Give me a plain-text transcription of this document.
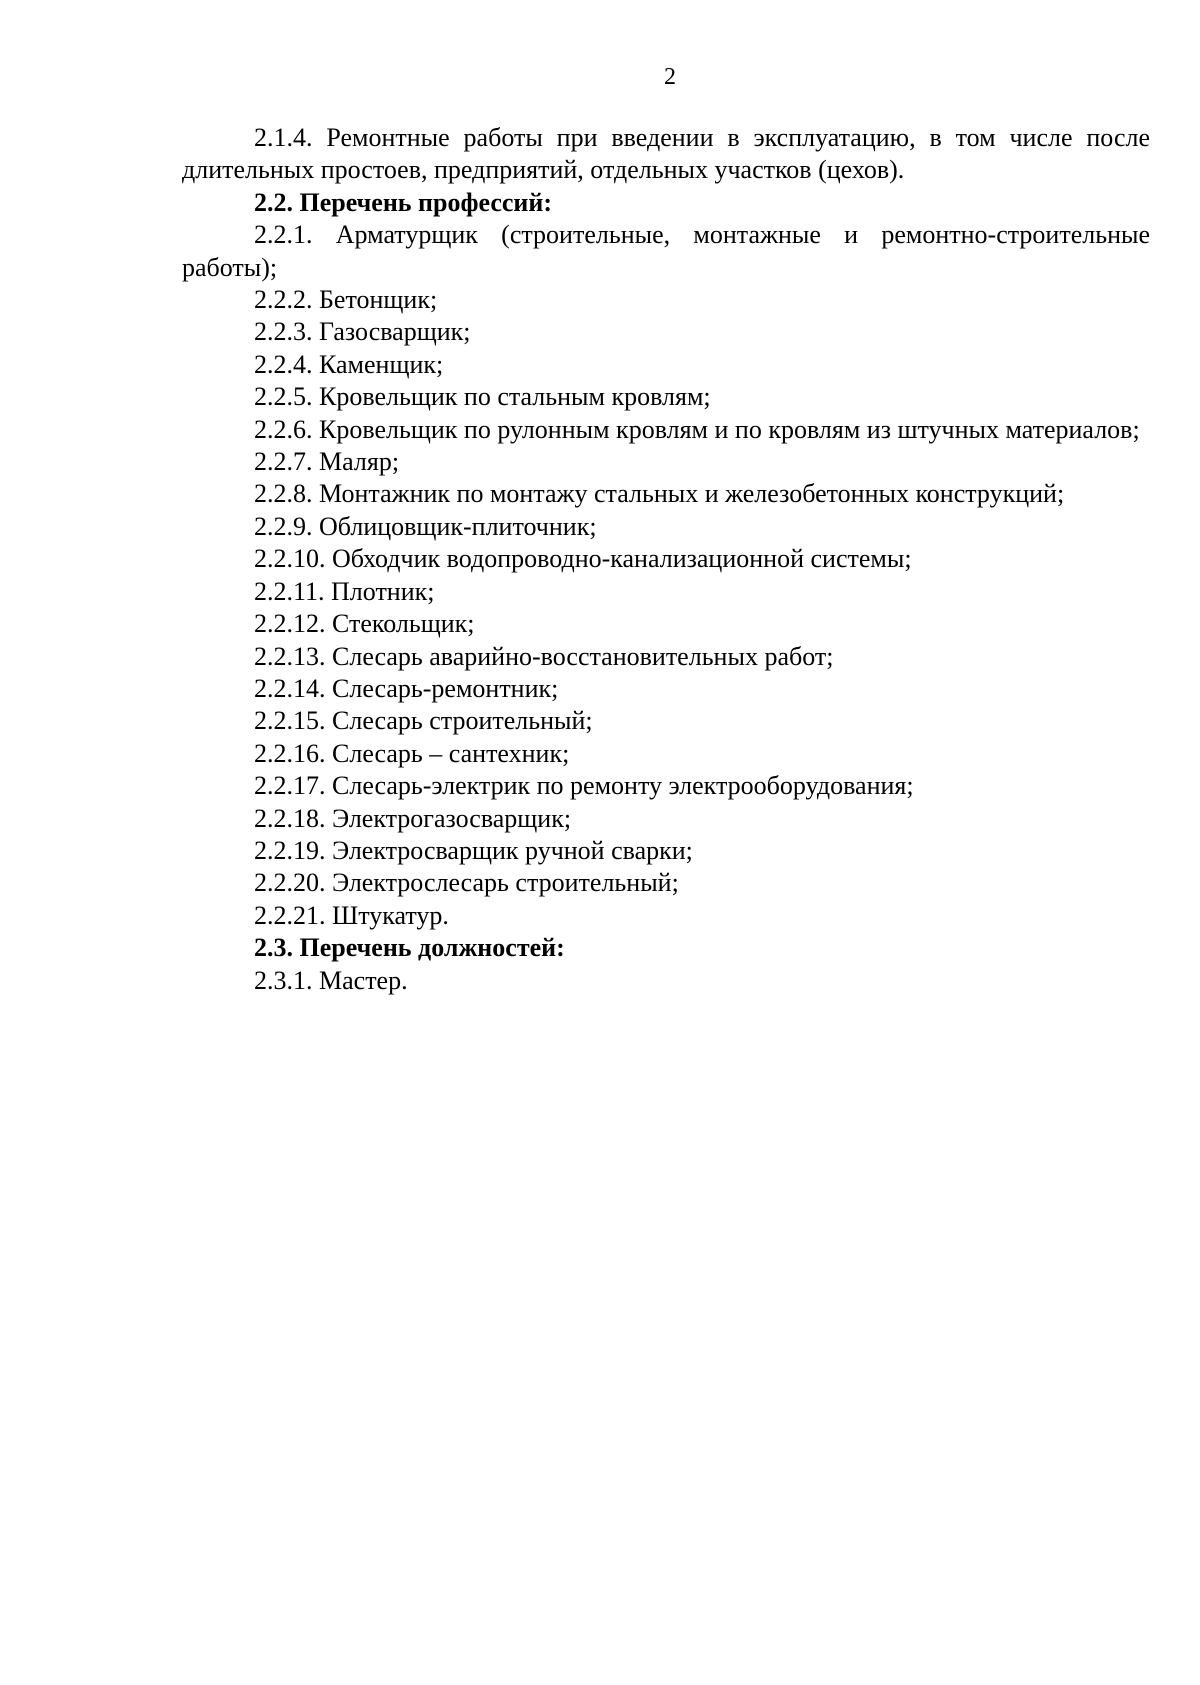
2

2.1.4. Ремонтные работы при введении в эксплуатацию, в том числе после длительных простоев, предприятий, отдельных участков (цехов).

2.2. Перечень профессий:

2.2.1. Арматурщик (строительные, монтажные и ремонтно-строительные работы);

2.2.2. Бетонщик;

2.2.3. Газосварщик;

2.2.4. Каменщик;

2.2.5. Кровельщик по стальным кровлям;

2.2.6. Кровельщик по рулонным кровлям и по кровлям из штучных материалов;

2.2.7. Маляр;

2.2.8. Монтажник по монтажу стальных и железобетонных конструкций;

2.2.9. Облицовщик-плиточник;

2.2.10. Обходчик водопроводно-канализационной системы;

2.2.11. Плотник;

2.2.12. Стекольщик;

2.2.13. Слесарь аварийно-восстановительных работ;

2.2.14. Слесарь-ремонтник;

2.2.15. Слесарь строительный;

2.2.16. Слесарь – сантехник;

2.2.17. Слесарь-электрик по ремонту электрооборудования;

2.2.18. Электрогазосварщик;

2.2.19. Электросварщик ручной сварки;

2.2.20. Электрослесарь строительный;

2.2.21. Штукатур.

2.3. Перечень должностей:

2.3.1. Мастер.
